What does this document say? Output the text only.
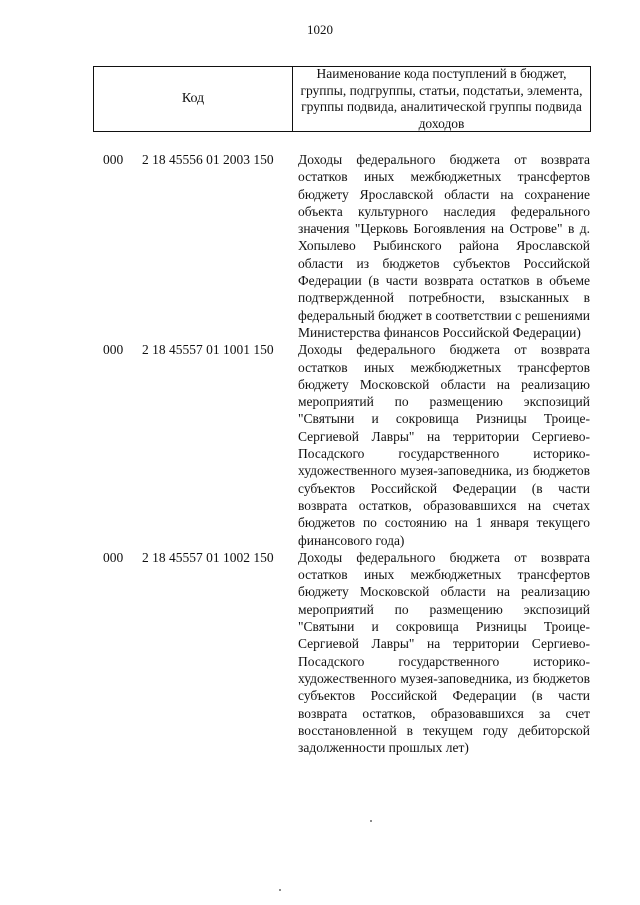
1020
Код
Наименование кода поступлений в бюджет, группы, подгруппы, статьи, подстатьи, элемента, группы подвида, аналитической группы подвида доходов
000 2 18 45556 01 2003 150 Доходы федерального бюджета от возврата остатков иных межбюджетных трансфертов бюджету Ярославской области на сохранение объекта культурного наследия федерального значения "Церковь Богоявления на Острове" в д. Хопылево Рыбинского района Ярославской области из бюджетов субъектов Российской Федерации (в части возврата остатков в объеме подтвержденной потребности, взысканных в федеральный бюджет в соответствии с решениями Министерства финансов Российской Федерации)
000 2 18 45557 01 1001 150 Доходы федерального бюджета от возврата остатков иных межбюджетных трансфертов бюджету Московской области на реализацию мероприятий по размещению экспозиций "Святыни и сокровища Ризницы Троице-Сергиевой Лавры" на территории Сергиево-Посадского государственного историко-художественного музея-заповедника, из бюджетов субъектов Российской Федерации (в части возврата остатков, образовавшихся на счетах бюджетов по состоянию на 1 января текущего финансового года)
000 2 18 45557 01 1002 150 Доходы федерального бюджета от возврата остатков иных межбюджетных трансфертов бюджету Московской области на реализацию мероприятий по размещению экспозиций "Святыни и сокровища Ризницы Троице-Сергиевой Лавры" на территории Сергиево-Посадского государственного историко-художественного музея-заповедника, из бюджетов субъектов Российской Федерации (в части возврата остатков, образовавшихся за счет восстановленной в текущем году дебиторской задолженности прошлых лет)
